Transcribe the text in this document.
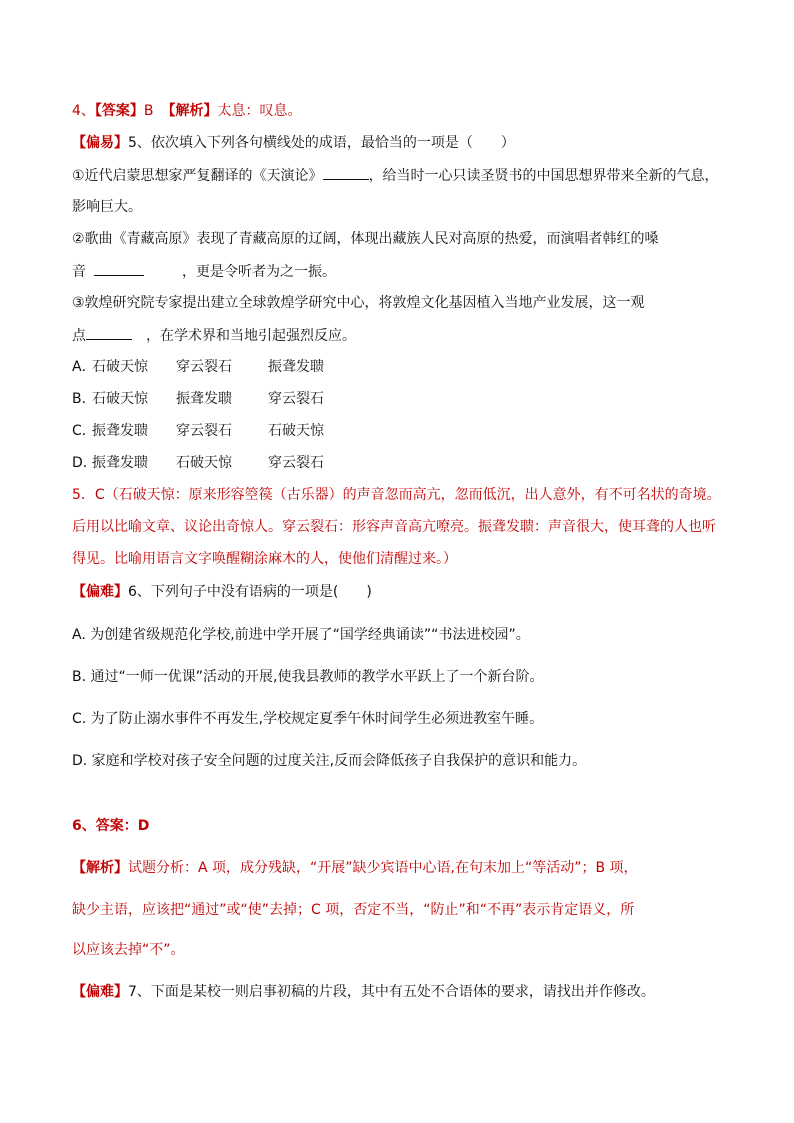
4、【答案】B 【解析】太息：叹息。
【偏易】5、依次填入下列各句横线处的成语，最恰当的一项是（　　）
①近代启蒙思想家严复翻译的《天演论》	，给当时一心只读圣贤书的中国思想界带来全新的气息，
影响巨大。
②歌曲《青藏高原》表现了青藏高原的辽阔，体现出藏族人民对高原的热爱，而演唱者韩红的嗓
音	，更是令听者为之一振。
③敦煌研究院专家提出建立全球敦煌学研究中心，将敦煌文化基因植入当地产业发展，这一观
点	，在学术界和当地引起强烈反应。
A．石破天惊 穿云裂石	振聋发聩
B．石破天惊 振聋发聩	穿云裂石
C．振聋发聩 穿云裂石	石破天惊
D．振聋发聩 石破天惊	穿云裂石
5．C（石破天惊：原来形容箜篌（古乐器）的声音忽而高亢，忽而低沉，出人意外，有不可名状的奇境。
后用以比喻文章、议论出奇惊人。穿云裂石：形容声音高亢嘹亮。振聋发聩：声音很大，使耳聋的人也听
得见。比喻用语言文字唤醒糊涂麻木的人，使他们清醒过来。）
【偏难】6、下列句子中没有语病的一项是(　　)
A. 为创建省级规范化学校,前进中学开展了“国学经典诵读”“书法进校园”。
B. 通过“一师一优课”活动的开展,使我县教师的教学水平跃上了一个新台阶。
C. 为了防止溺水事件不再发生,学校规定夏季午休时间学生必须进教室午睡。
D. 家庭和学校对孩子安全问题的过度关注,反而会降低孩子自我保护的意识和能力。
6、答案：D
【解析】试题分析：A 项，成分残缺，“开展”缺少宾语中心语,在句末加上“等活动”；B 项，
缺少主语，应该把“通过”或“使”去掉；C 项，否定不当，“防止”和“不再”表示肯定语义，所
以应该去掉“不”。
【偏难】7、下面是某校一则启事初稿的片段，其中有五处不合语体的要求，请找出并作修改。
